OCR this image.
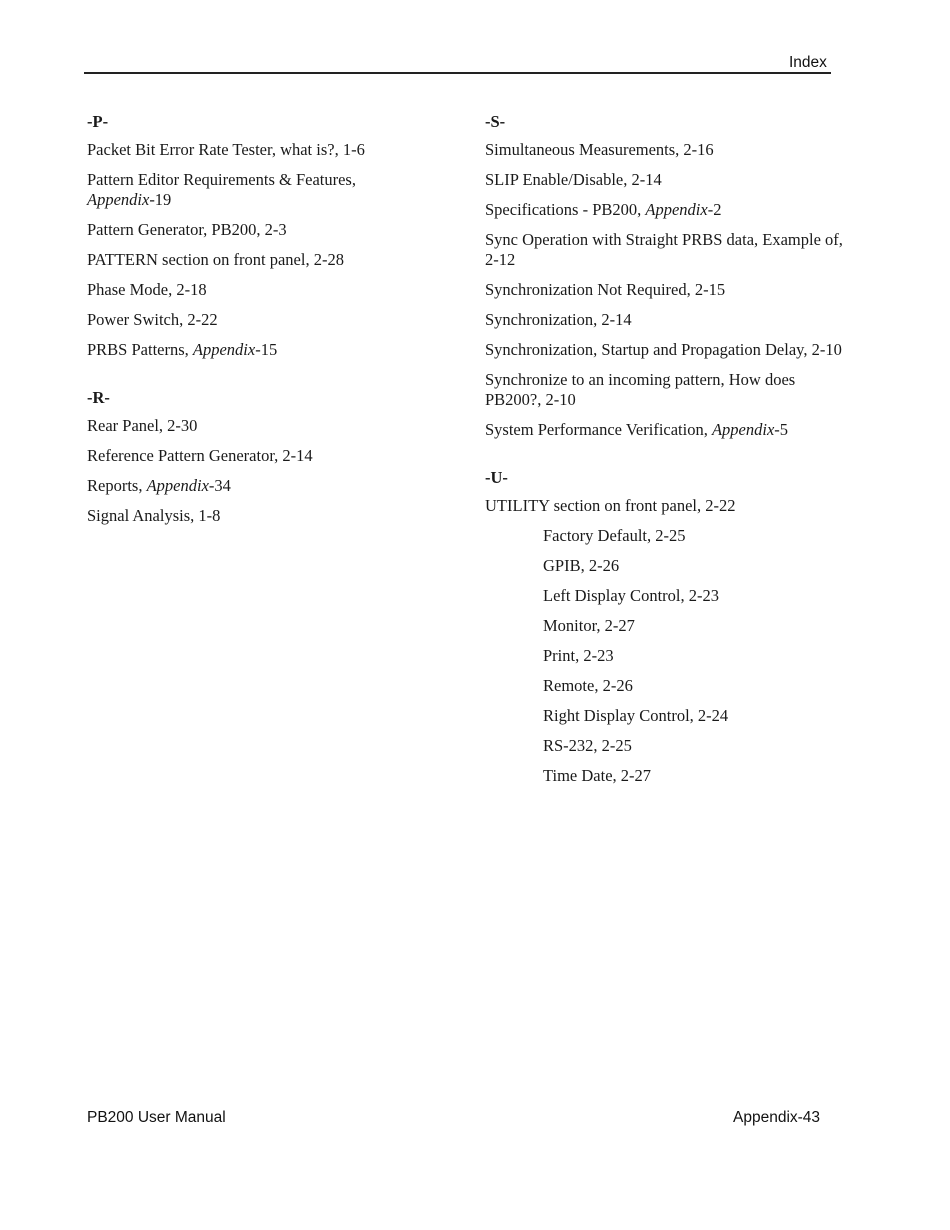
Index
-P-
Packet Bit Error Rate Tester, what is?, 1-6
Pattern Editor Requirements & Features,
Appendix-19
Pattern Generator, PB200, 2-3
PATTERN section on front panel, 2-28
Phase Mode, 2-18
Power Switch, 2-22
PRBS Patterns, Appendix-15
-R-
Rear Panel, 2-30
Reference Pattern Generator, 2-14
Reports, Appendix-34
Signal Analysis, 1-8
-S-
Simultaneous Measurements, 2-16
SLIP Enable/Disable, 2-14
Specifications - PB200, Appendix-2
Sync Operation with Straight PRBS data, Example of, 2-12
Synchronization Not Required, 2-15
Synchronization, 2-14
Synchronization, Startup and Propagation Delay, 2-10
Synchronize to an incoming pattern, How does PB200?, 2-10
System Performance Verification, Appendix-5
-U-
UTILITY section on front panel, 2-22
Factory Default, 2-25
GPIB, 2-26
Left Display Control, 2-23
Monitor, 2-27
Print, 2-23
Remote, 2-26
Right Display Control, 2-24
RS-232, 2-25
Time Date, 2-27
PB200 User Manual	Appendix-43
